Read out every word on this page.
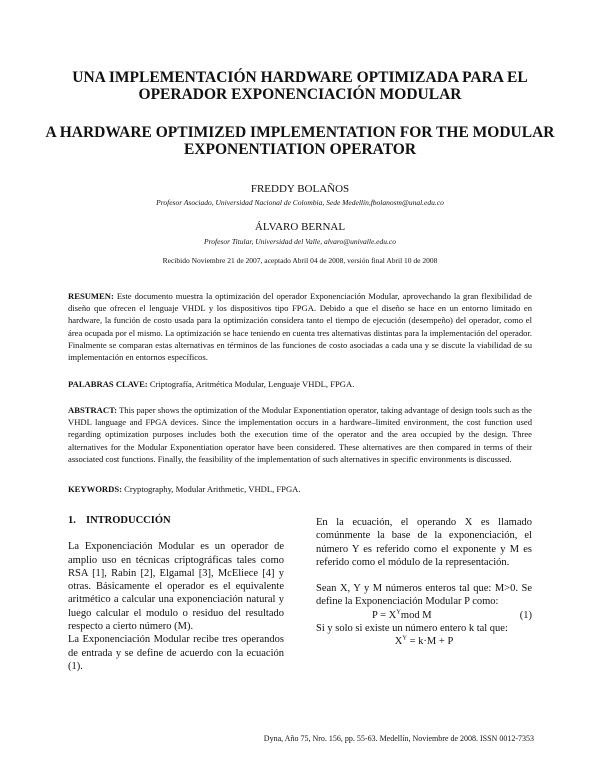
UNA IMPLEMENTACIÓN HARDWARE OPTIMIZADA PARA EL OPERADOR EXPONENCIACIÓN MODULAR
A HARDWARE OPTIMIZED IMPLEMENTATION FOR THE MODULAR EXPONENTIATION OPERATOR
FREDDY BOLAÑOS
Profesor Asociado, Universidad Nacional de Colombia, Sede Medellín,fbolanosm@unal.edu.co
ÁLVARO BERNAL
Profesor Titular, Universidad del Valle, alvaro@univalle.edu.co
Recibido Noviembre 21 de 2007, aceptado Abril 04 de 2008, versión final Abril 10 de 2008

RESUMEN: Este documento muestra la optimización del operador Exponenciación Modular, aprovechando la gran flexibilidad de diseño que ofrecen el lenguaje VHDL y los dispositivos tipo FPGA. Debido a que el diseño se hace en un entorno limitado en hardware, la función de costo usada para la optimización considera tanto el tiempo de ejecución (desempeño) del operador, como el área ocupada por el mismo. La optimización se hace teniendo en cuenta tres alternativas distintas para la implementación del operador. Finalmente se comparan estas alternativas en términos de las funciones de costo asociadas a cada una y se discute la viabilidad de su implementación en entornos específicos.

PALABRAS CLAVE: Criptografía, Aritmética Modular, Lenguaje VHDL, FPGA.

ABSTRACT: This paper shows the optimization of the Modular Exponentiation operator, taking advantage of design tools such as the VHDL language and FPGA devices. Since the implementation occurs in a hardware–limited environment, the cost function used regarding optimization purposes includes both the execution time of the operator and the area occupied by the design. Three alternatives for the Modular Exponentiation operator have been considered. These alternatives are then compared in terms of their associated cost functions. Finally, the feasibility of the implementation of such alternatives in specific environments is discussed.

KEYWORDS: Cryptography, Modular Arithmetic, VHDL, FPGA.

1. INTRODUCCIÓN

La Exponenciación Modular es un operador de amplio uso en técnicas criptográficas tales como RSA [1], Rabin [2], Elgamal [3], McEliece [4] y otras. Básicamente el operador es el equivalente aritmético a calcular una exponenciación natural y luego calcular el modulo o residuo del resultado respecto a cierto número (M).

La Exponenciación Modular recibe tres operandos de entrada y se define de acuerdo con la ecuación (1).

En la ecuación, el operando X es llamado comúnmente la base de la exponenciación, el número Y es referido como el exponente y M es referido como el módulo de la representación.

Sean X, Y y M números enteros tal que: M>0. Se define la Exponenciación Modular P como:

$P = X^Ymod$ M	(1)

Si y solo si existe un número entero k tal que:

$X^Y = k\cdot M + P$
Dyna, Año 75, Nro. 156, pp. 55-63. Medellín, Noviembre de 2008. ISSN 0012-7353
